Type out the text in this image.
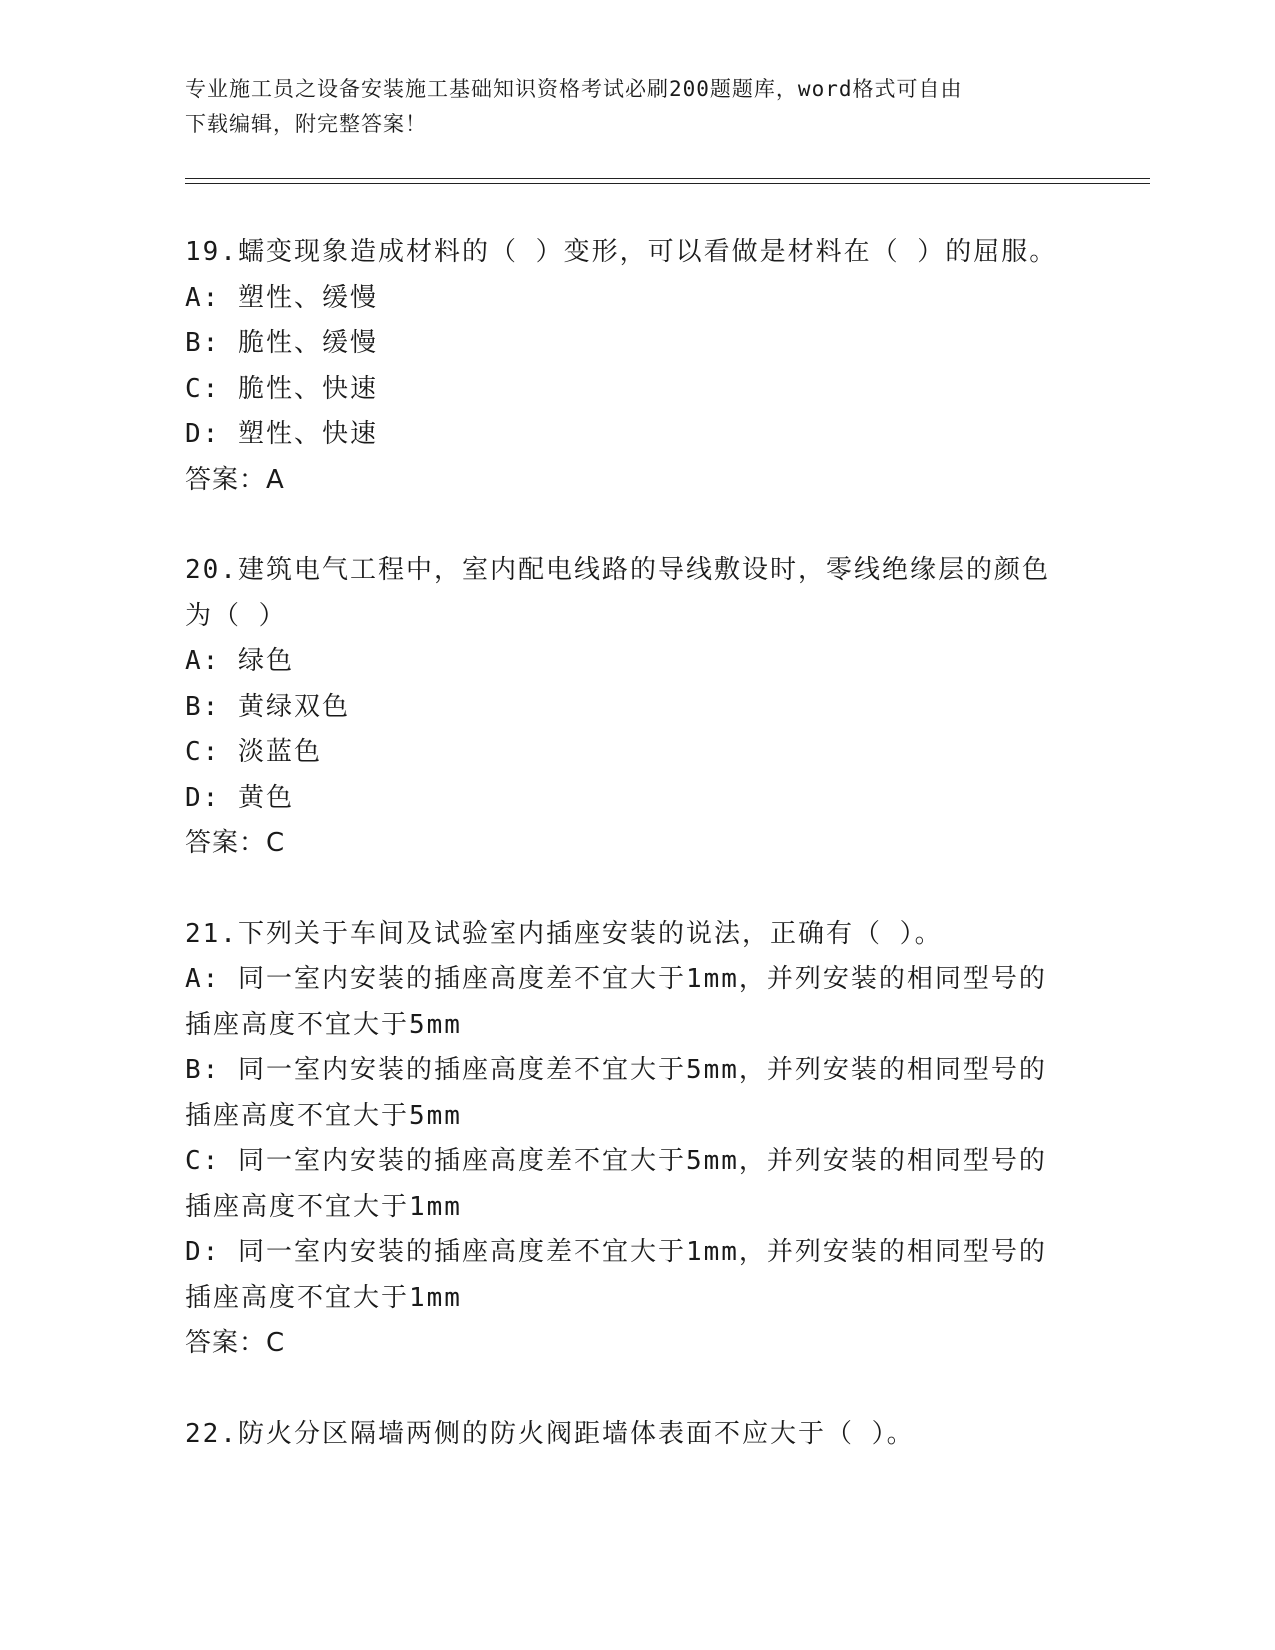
专业施工员之设备安装施工基础知识资格考试必刷200题题库，word格式可自由
下载编辑，附完整答案！
19.蠕变现象造成材料的（ ）变形，可以看做是材料在（ ）的屈服。
A: 塑性、缓慢
B: 脆性、缓慢
C: 脆性、快速
D: 塑性、快速
答案：A
20.建筑电气工程中，室内配电线路的导线敷设时，零线绝缘层的颜色
为（ ）
A: 绿色
B: 黄绿双色
C: 淡蓝色
D: 黄色
答案：C
21.下列关于车间及试验室内插座安装的说法，正确有（ ）。
A: 同一室内安装的插座高度差不宜大于1mm，并列安装的相同型号的
插座高度不宜大于5mm
B: 同一室内安装的插座高度差不宜大于5mm，并列安装的相同型号的
插座高度不宜大于5mm
C: 同一室内安装的插座高度差不宜大于5mm，并列安装的相同型号的
插座高度不宜大于1mm
D: 同一室内安装的插座高度差不宜大于1mm，并列安装的相同型号的
插座高度不宜大于1mm
答案：C
22.防火分区隔墙两侧的防火阀距墙体表面不应大于（ ）。
